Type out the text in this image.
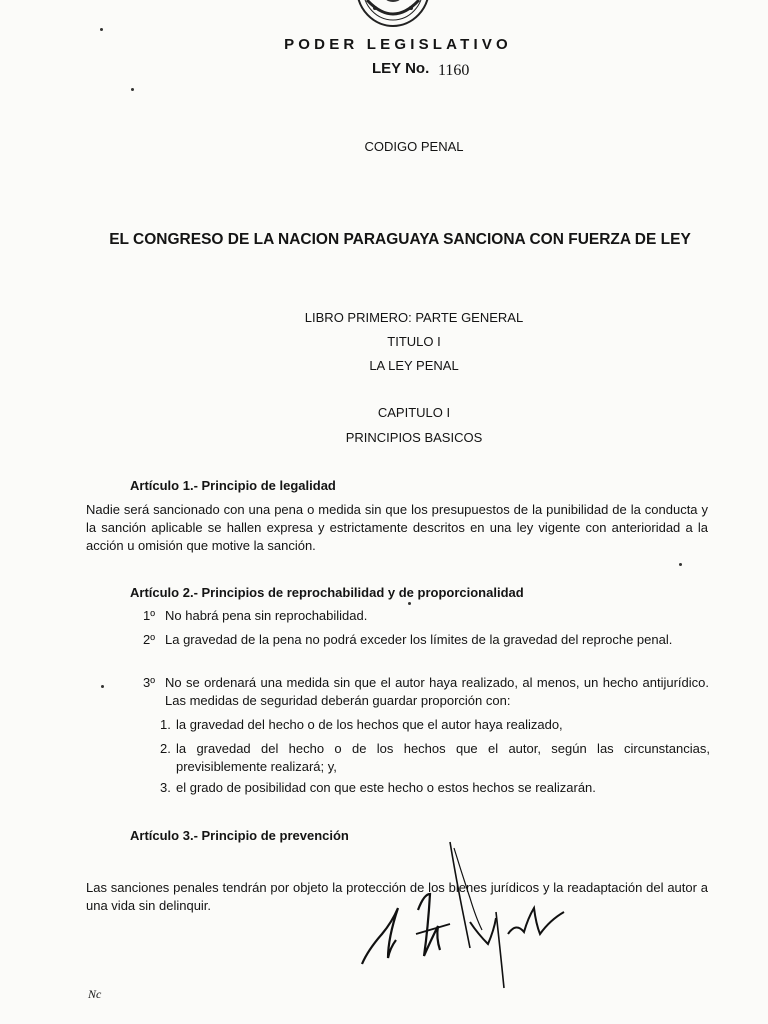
PODER LEGISLATIVO
LEY No. 1160
CODIGO PENAL
EL CONGRESO DE LA NACION PARAGUAYA SANCIONA CON FUERZA DE LEY
LIBRO PRIMERO: PARTE GENERAL
TITULO I
LA LEY PENAL
CAPITULO I
PRINCIPIOS BASICOS
Artículo 1.- Principio de legalidad
Nadie será sancionado con una pena o medida sin que los presupuestos de la punibilidad de la conducta y la sanción aplicable se hallen expresa y estrictamente descritos en una ley vigente con anterioridad a la acción u omisión que motive la sanción.
Artículo 2.- Principios de reprochabilidad y de proporcionalidad
1º No habrá pena sin reprochabilidad.
2º La gravedad de la pena no podrá exceder los límites de la gravedad del reproche penal.
3º No se ordenará una medida sin que el autor haya realizado, al menos, un hecho antijurídico. Las medidas de seguridad deberán guardar proporción con:
1. la gravedad del hecho o de los hechos que el autor haya realizado,
2. la gravedad del hecho o de los hechos que el autor, según las circunstancias, previsiblemente realizará; y,
3. el grado de posibilidad con que este hecho o estos hechos se realizarán.
Artículo 3.- Principio de prevención
Las sanciones penales tendrán por objeto la protección de los bienes jurídicos y la readaptación del autor a una vida sin delinquir.
Nc
